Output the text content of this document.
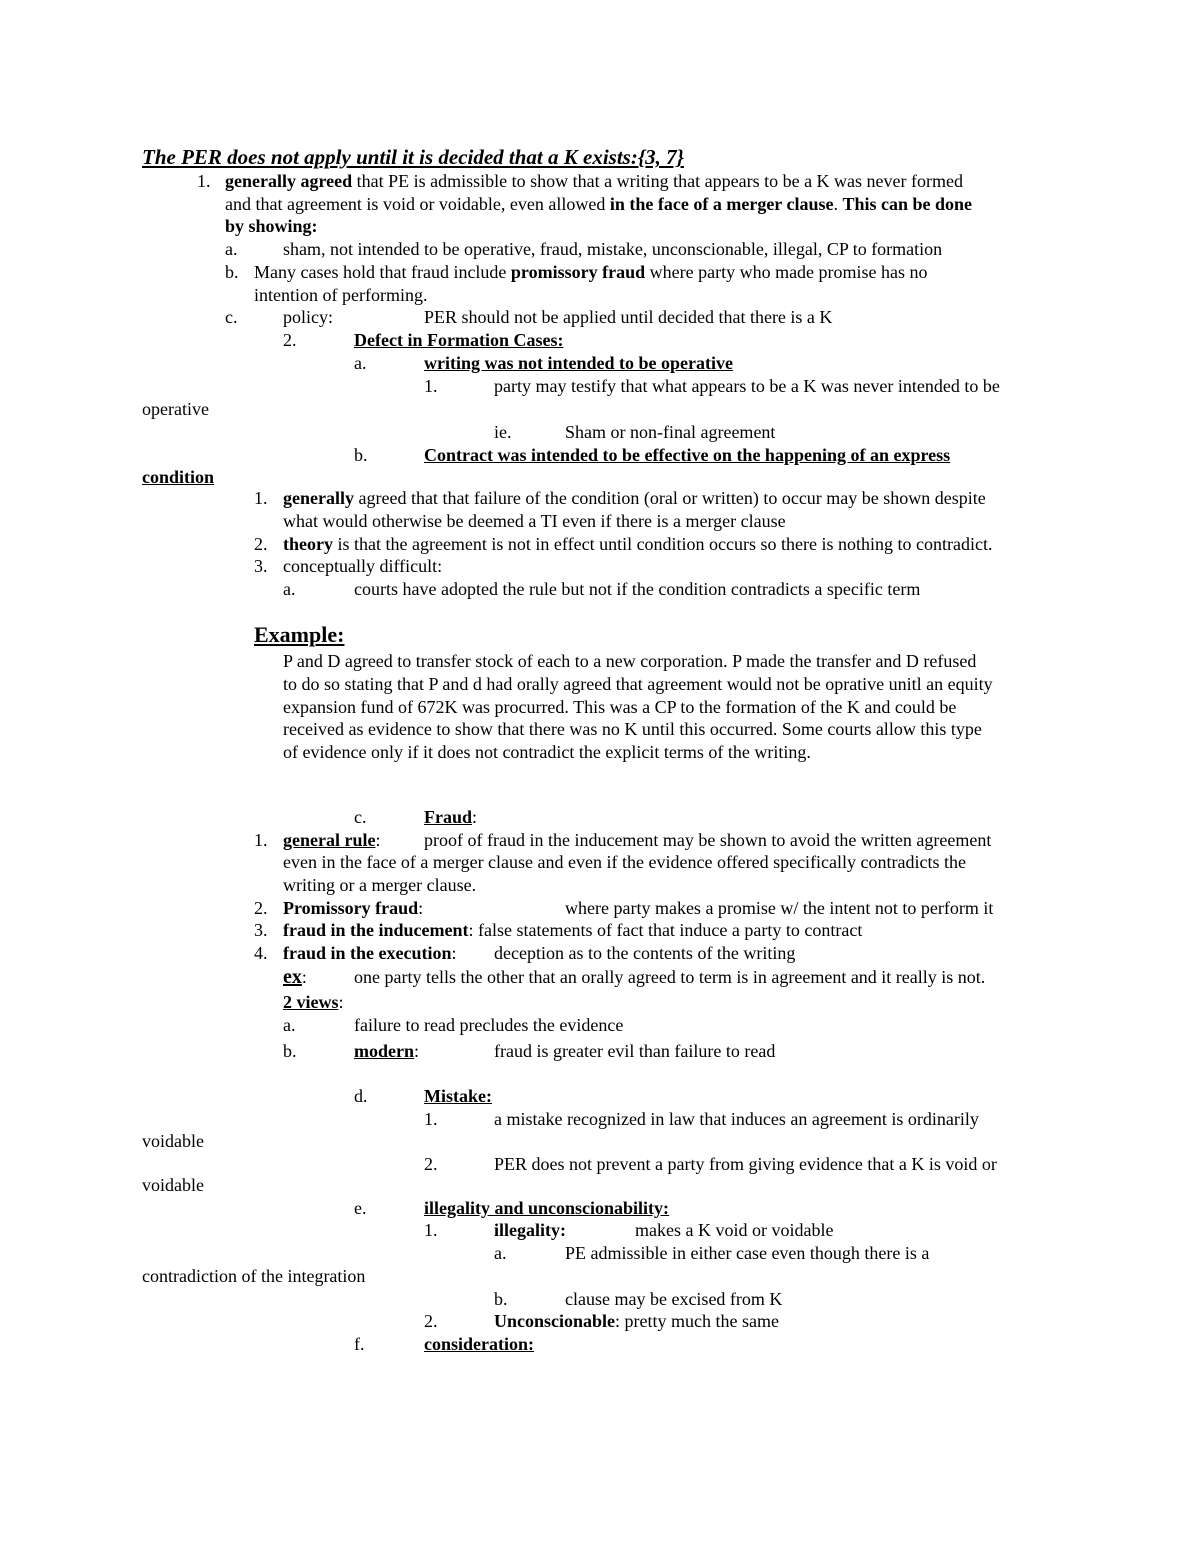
The PER does not apply until it is decided that a K exists:{3, 7}
1. generally agreed that PE is admissible to show that a writing that appears to be a K was never formed
and that agreement is void or voidable, even allowed in the face of a merger clause. This can be done
by showing:
a.	sham, not intended to be operative, fraud, mistake, unconscionable, illegal, CP to formation
b. Many cases hold that fraud include promissory fraud where party who made promise has no
intention of performing.
c.	policy:	PER should not be applied until decided that there is a K
2.	Defect in Formation Cases:
a.	writing was not intended to be operative
1.	party may testify that what appears to be a K was never intended to be
operative
ie.	Sham or non-final agreement
b.	Contract was intended to be effective on the happening of an express
condition
1. generally agreed that that failure of the condition (oral or written) to occur may be shown despite
what would otherwise be deemed a TI even if there is a merger clause
2. theory is that the agreement is not in effect until condition occurs so there is nothing to contradict.
3. conceptually difficult:
a.	courts have adopted the rule but not if the condition contradicts a specific term
Example:
P and D agreed to transfer stock of each to a new corporation. P made the transfer and D refused
to do so stating that P and d had orally agreed that agreement would not be oprative unitl an equity
expansion fund of 672K was procurred. This was a CP to the formation of the K and could be
received as evidence to show that there was no K until this occurred. Some courts allow this type
of evidence only if it does not contradict the explicit terms of the writing.
c.	Fraud:
1. general rule: proof of fraud in the inducement may be shown to avoid the written agreement
even in the face of a merger clause and even if the evidence offered specifically contradicts the
writing or a merger clause.
2. Promissory fraud:	where party makes a promise w/ the intent not to perform it
3. fraud in the inducement: false statements of fact that induce a party to contract
4. fraud in the execution: deception as to the contents of the writing
ex:	one party tells the other that an orally agreed to term is in agreement and it really is not.
2 views:
a.	failure to read precludes the evidence
b.	modern:	fraud is greater evil than failure to read
d.	Mistake:
1.	a mistake recognized in law that induces an agreement is ordinarily
voidable
2.	PER does not prevent a party from giving evidence that a K is void or
voidable
e.	illegality and unconscionability:
1.	illegality:	makes a K void or voidable
a.	PE admissible in either case even though there is a
contradiction of the integration
b.	clause may be excised from K
2.	Unconscionable: pretty much the same
f.	consideration:
